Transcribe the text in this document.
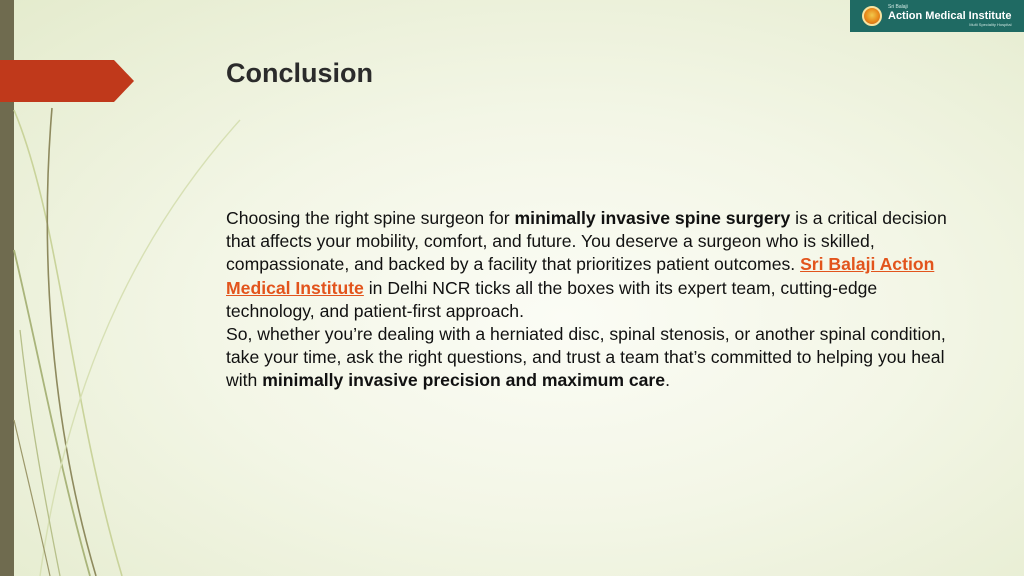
Sri Balaji
Action Medical Institute
Multi Speciality Hospital
Conclusion

Choosing the right spine surgeon for minimally invasive spine surgery is a critical decision that affects your mobility, comfort, and future. You deserve a surgeon who is skilled, compassionate, and backed by a facility that prioritizes patient outcomes. Sri Balaji Action Medical Institute in Delhi NCR ticks all the boxes with its expert team, cutting-edge technology, and patient-first approach.

So, whether you’re dealing with a herniated disc, spinal stenosis, or another spinal condition, take your time, ask the right questions, and trust a team that’s committed to helping you heal with minimally invasive precision and maximum care.
